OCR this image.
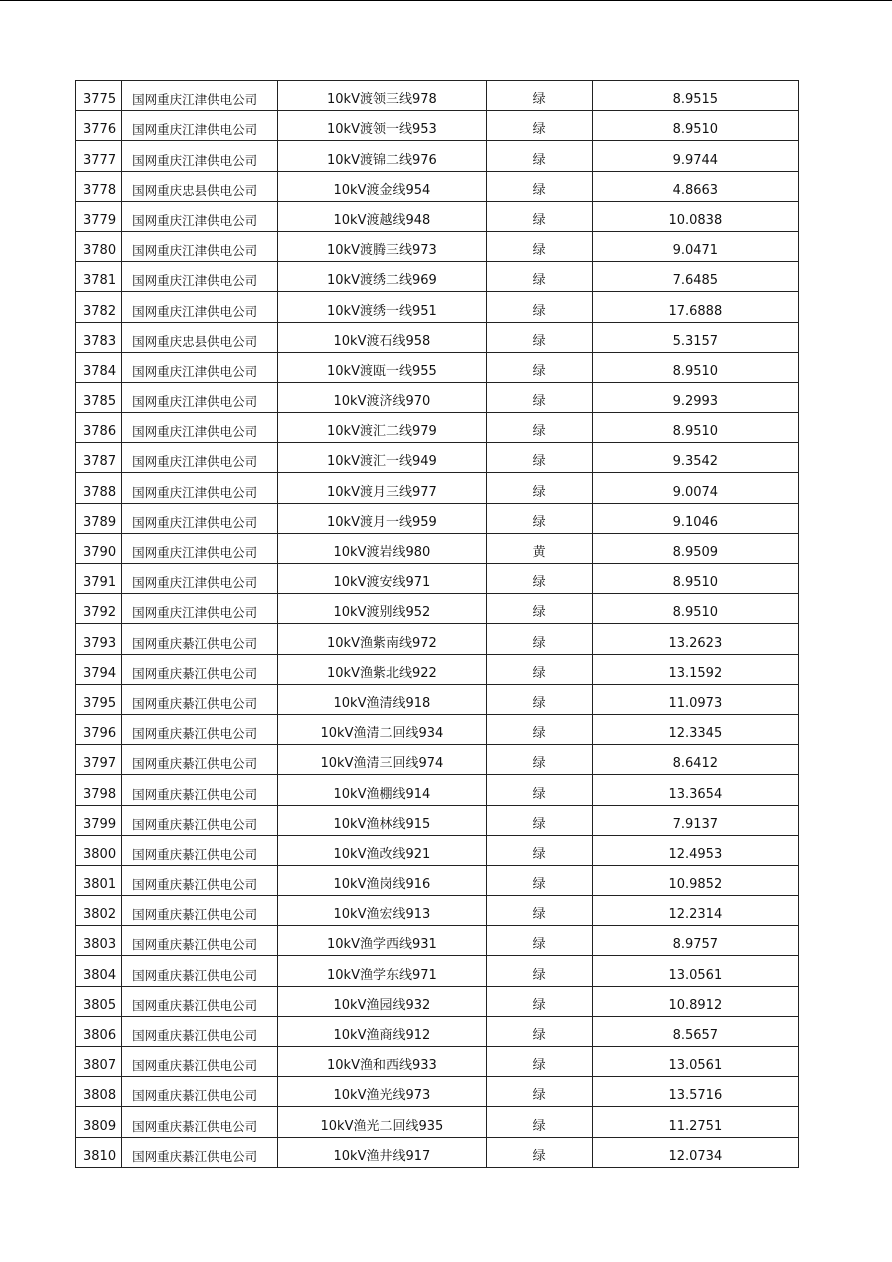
3775	国网重庆江津供电公司	10kV渡领三线978	绿	8.9515
3776	国网重庆江津供电公司	10kV渡领一线953	绿	8.9510
3777	国网重庆江津供电公司	10kV渡锦二线976	绿	9.9744
3778	国网重庆忠县供电公司	10kV渡金线954	绿	4.8663
3779	国网重庆江津供电公司	10kV渡越线948	绿	10.0838
3780	国网重庆江津供电公司	10kV渡腾三线973	绿	9.0471
3781	国网重庆江津供电公司	10kV渡绣二线969	绿	7.6485
3782	国网重庆江津供电公司	10kV渡绣一线951	绿	17.6888
3783	国网重庆忠县供电公司	10kV渡石线958	绿	5.3157
3784	国网重庆江津供电公司	10kV渡瓯一线955	绿	8.9510
3785	国网重庆江津供电公司	10kV渡济线970	绿	9.2993
3786	国网重庆江津供电公司	10kV渡汇二线979	绿	8.9510
3787	国网重庆江津供电公司	10kV渡汇一线949	绿	9.3542
3788	国网重庆江津供电公司	10kV渡月三线977	绿	9.0074
3789	国网重庆江津供电公司	10kV渡月一线959	绿	9.1046
3790	国网重庆江津供电公司	10kV渡岩线980	黄	8.9509
3791	国网重庆江津供电公司	10kV渡安线971	绿	8.9510
3792	国网重庆江津供电公司	10kV渡别线952	绿	8.9510
3793	国网重庆綦江供电公司	10kV渔紫南线972	绿	13.2623
3794	国网重庆綦江供电公司	10kV渔紫北线922	绿	13.1592
3795	国网重庆綦江供电公司	10kV渔清线918	绿	11.0973
3796	国网重庆綦江供电公司	10kV渔清二回线934	绿	12.3345
3797	国网重庆綦江供电公司	10kV渔清三回线974	绿	8.6412
3798	国网重庆綦江供电公司	10kV渔棚线914	绿	13.3654
3799	国网重庆綦江供电公司	10kV渔林线915	绿	7.9137
3800	国网重庆綦江供电公司	10kV渔改线921	绿	12.4953
3801	国网重庆綦江供电公司	10kV渔岗线916	绿	10.9852
3802	国网重庆綦江供电公司	10kV渔宏线913	绿	12.2314
3803	国网重庆綦江供电公司	10kV渔学西线931	绿	8.9757
3804	国网重庆綦江供电公司	10kV渔学东线971	绿	13.0561
3805	国网重庆綦江供电公司	10kV渔园线932	绿	10.8912
3806	国网重庆綦江供电公司	10kV渔商线912	绿	8.5657
3807	国网重庆綦江供电公司	10kV渔和西线933	绿	13.0561
3808	国网重庆綦江供电公司	10kV渔光线973	绿	13.5716
3809	国网重庆綦江供电公司	10kV渔光二回线935	绿	11.2751
3810	国网重庆綦江供电公司	10kV渔井线917	绿	12.0734
